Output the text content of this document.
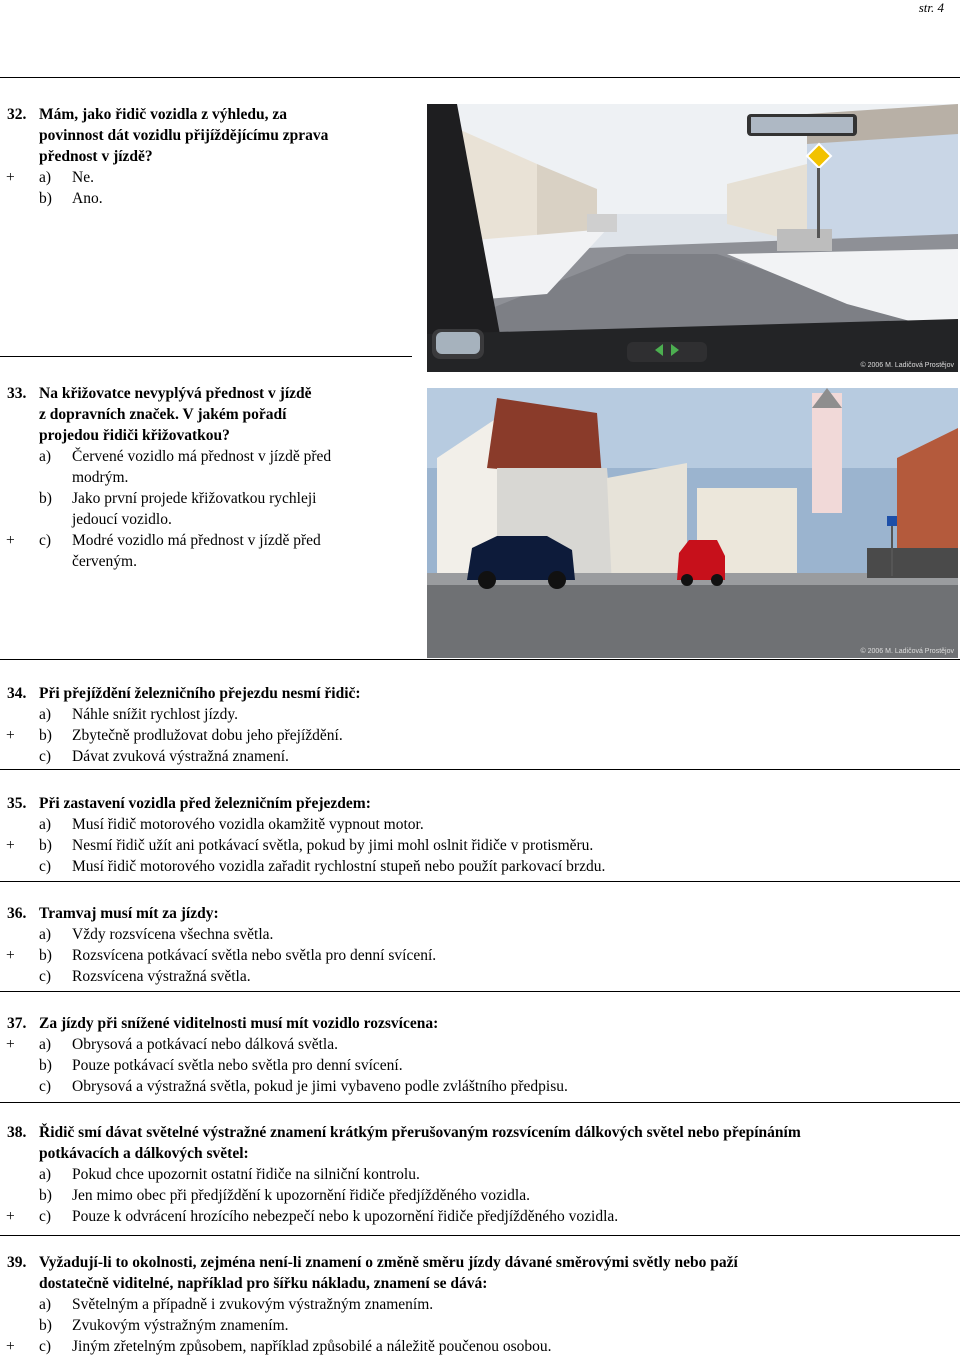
str. 4
32. Mám, jako řidič vozidla z výhledu, za
povinnost dát vozidlu přijíždějícímu zprava
přednost v jízdě?
+ a) Ne.
b) Ano.
© 2006 M. Ladičová Prostějov
33. Na křižovatce nevyplývá přednost v jízdě
z dopravních značek. V jakém pořadí
projedou řidiči křižovatkou?
a) Červené vozidlo má přednost v jízdě před
modrým.
b) Jako první projede křižovatkou rychleji
jedoucí vozidlo.
+ c) Modré vozidlo má přednost v jízdě před
červeným.
© 2006 M. Ladičová Prostějov
34. Při přejíždění železničního přejezdu nesmí řidič:
a) Náhle snížit rychlost jízdy.
+ b) Zbytečně prodlužovat dobu jeho přejíždění.
c) Dávat zvuková výstražná znamení.
35. Při zastavení vozidla před železničním přejezdem:
a) Musí řidič motorového vozidla okamžitě vypnout motor.
+ b) Nesmí řidič užít ani potkávací světla, pokud by jimi mohl oslnit řidiče v protisměru.
c) Musí řidič motorového vozidla zařadit rychlostní stupeň nebo použít parkovací brzdu.
36. Tramvaj musí mít za jízdy:
a) Vždy rozsvícena všechna světla.
+ b) Rozsvícena potkávací světla nebo světla pro denní svícení.
c) Rozsvícena výstražná světla.
37. Za jízdy při snížené viditelnosti musí mít vozidlo rozsvícena:
+ a) Obrysová a potkávací nebo dálková světla.
b) Pouze potkávací světla nebo světla pro denní svícení.
c) Obrysová a výstražná světla, pokud je jimi vybaveno podle zvláštního předpisu.
38. Řidič smí dávat světelné výstražné znamení krátkým přerušovaným rozsvícením dálkových světel nebo přepínáním
potkávacích a dálkových světel:
a) Pokud chce upozornit ostatní řidiče na silniční kontrolu.
b) Jen mimo obec při předjíždění k upozornění řidiče předjížděného vozidla.
+ c) Pouze k odvrácení hrozícího nebezpečí nebo k upozornění řidiče předjížděného vozidla.
39. Vyžadují-li to okolnosti, zejména není-li znamení o změně směru jízdy dávané směrovými světly nebo paží
dostatečně viditelné, například pro šířku nákladu, znamení se dává:
a) Světelným a případně i zvukovým výstražným znamením.
b) Zvukovým výstražným znamením.
+ c) Jiným zřetelným způsobem, například způsobilé a náležitě poučenou osobou.
